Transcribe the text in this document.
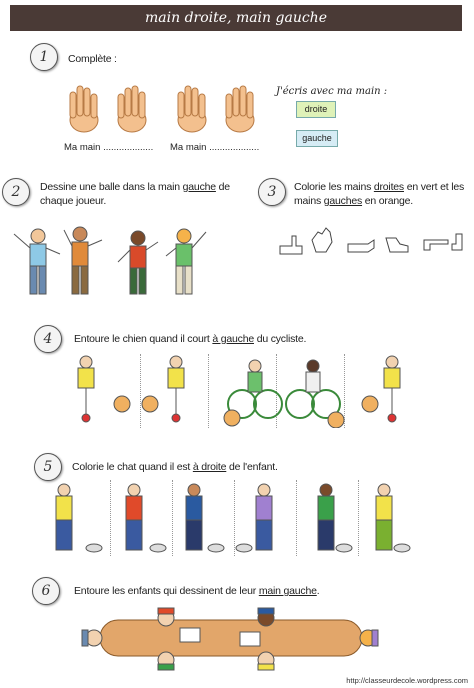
main droite, main gauche
1	Complète :
Ma main ................... Ma main ...................
J'écris avec ma main :
droite
gauche
2	Dessine une balle dans la main gauche de chaque joueur.
3	Colorie les mains droites en vert et les mains gauches en orange.
4	Entoure le chien quand il court à gauche du cycliste.
5	Colorie le chat quand il est à droite de l'enfant.
6	Entoure les enfants qui dessinent de leur main gauche.
http://classeurdecole.wordpress.com
